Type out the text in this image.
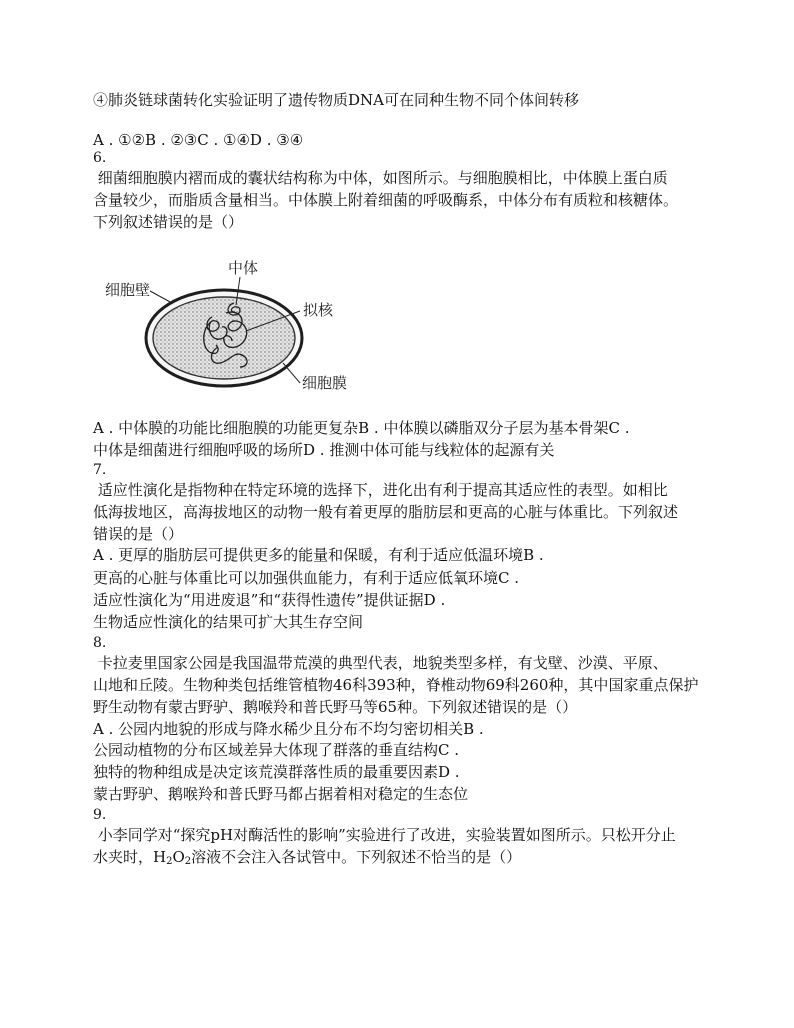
④肺炎链球菌转化实验证明了遗传物质DNA可在同种生物不同个体间转移
A . ①②B . ②③C . ①④D . ③④
6.
细菌细胞膜内褶而成的囊状结构称为中体，如图所示。与细胞膜相比，中体膜上蛋白质
含量较少，而脂质含量相当。中体膜上附着细菌的呼吸酶系，中体分布有质粒和核糖体。
下列叙述错误的是（）
中体
细胞壁
拟核
细胞膜
A . 中体膜的功能比细胞膜的功能更复杂B . 中体膜以磷脂双分子层为基本骨架C .
中体是细菌进行细胞呼吸的场所D . 推测中体可能与线粒体的起源有关
7.
适应性演化是指物种在特定环境的选择下，进化出有利于提高其适应性的表型。如相比
低海拔地区，高海拔地区的动物一般有着更厚的脂肪层和更高的心脏与体重比。下列叙述
错误的是（）
A . 更厚的脂肪层可提供更多的能量和保暖，有利于适应低温环境B .
更高的心脏与体重比可以加强供血能力，有利于适应低氧环境C .
适应性演化为“用进废退”和“获得性遗传”提供证据D .
生物适应性演化的结果可扩大其生存空间
8.
卡拉麦里国家公园是我国温带荒漠的典型代表，地貌类型多样，有戈壁、沙漠、平原、
山地和丘陵。生物种类包括维管植物46科393种，脊椎动物69科260种，其中国家重点保护
野生动物有蒙古野驴、鹅喉羚和普氏野马等65种。下列叙述错误的是（）
A . 公园内地貌的形成与降水稀少且分布不均匀密切相关B .
公园动植物的分布区域差异大体现了群落的垂直结构C .
独特的物种组成是决定该荒漠群落性质的最重要因素D .
蒙古野驴、鹅喉羚和普氏野马都占据着相对稳定的生态位
9.
小李同学对“探究pH对酶活性的影响”实验进行了改进，实验装置如图所示。只松开分止
水夹时，$H_2O_2$溶液不会注入各试管中。下列叙述不恰当的是（）
